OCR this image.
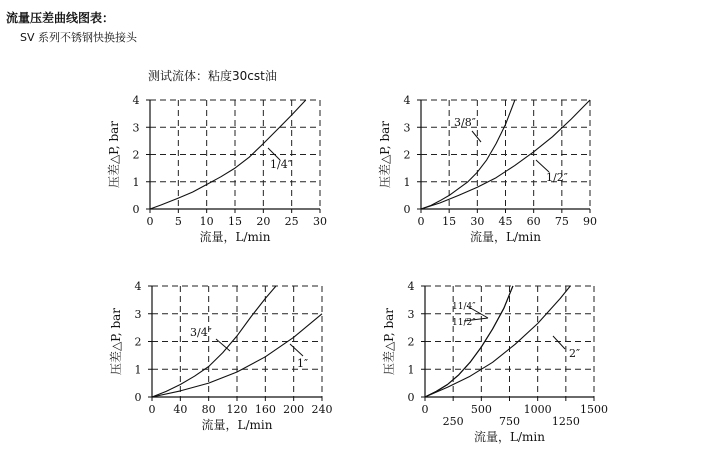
流量压差曲线图表：
SV 系列不锈钢快换接头
测试流体：粘度30cst油
0
1
2
3
4
0 5 10 15 20 25 30
流量，L/min
压差△P, bar	1/4″
0
1
2
3
4
0 15 30 45 60 75 90
流量，L/min
压差△P, bar	3/8″
1/2″
0
1
2
3
4
0 40 80 120 160 200 240
流量，L/min
压差△P, bar	3/4″
1″
0
1
2
3
4
0	500	1000	1500
250	750	1250
流量，L/min
压差△P, bar
11/4″
11/2″
2″
